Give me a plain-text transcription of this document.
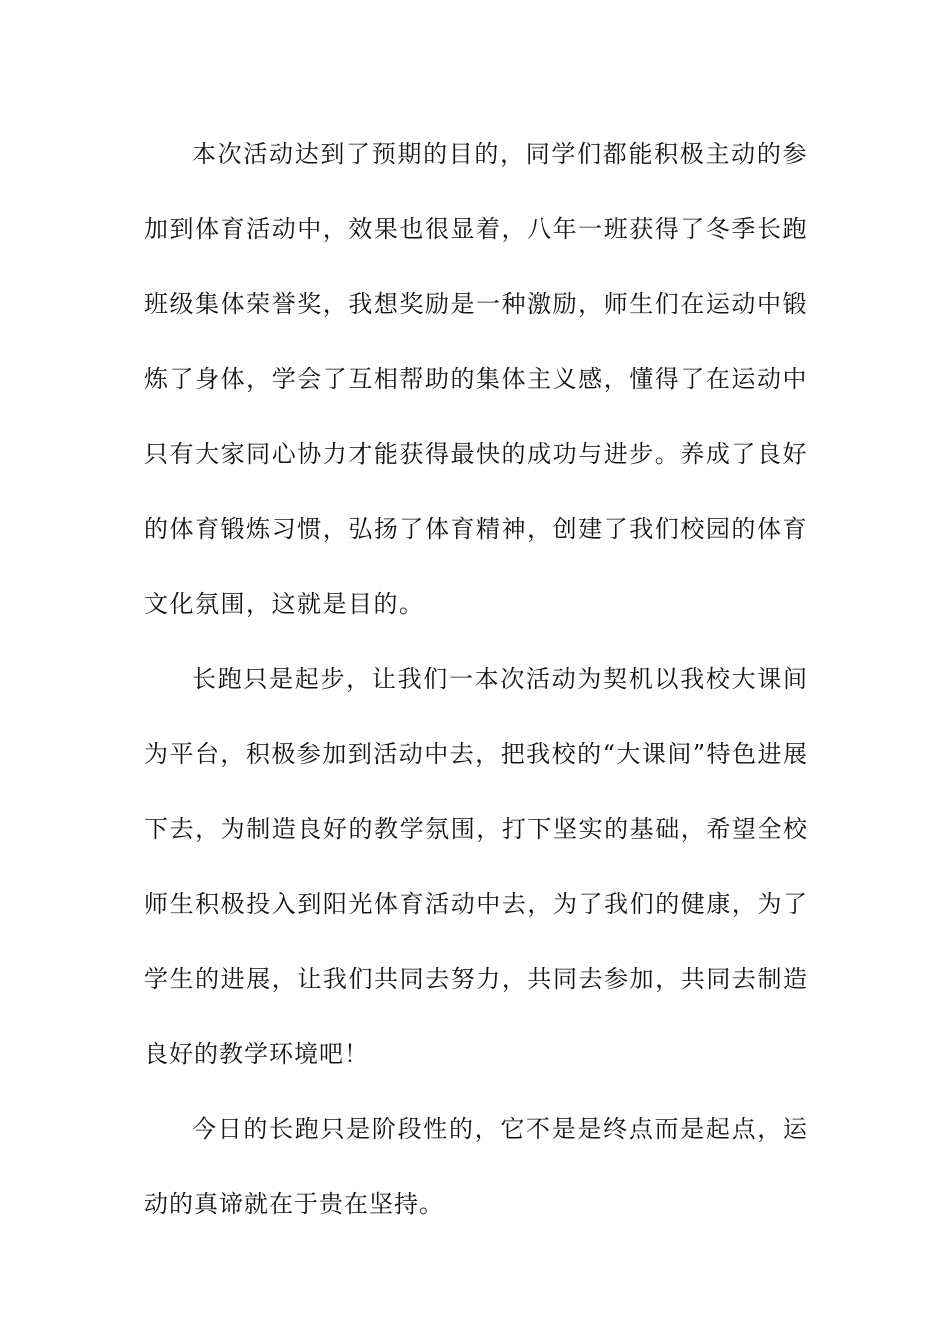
本次活动达到了预期的目的，同学们都能积极主动的参加到体育活动中，效果也很显着，八年一班获得了冬季长跑班级集体荣誉奖，我想奖励是一种激励，师生们在运动中锻炼了身体，学会了互相帮助的集体主义感，懂得了在运动中只有大家同心协力才能获得最快的成功与进步。养成了良好的体育锻炼习惯，弘扬了体育精神，创建了我们校园的体育文化氛围，这就是目的。

长跑只是起步，让我们一本次活动为契机以我校大课间为平台，积极参加到活动中去，把我校的“大课间”特色进展下去，为制造良好的教学氛围，打下坚实的基础，希望全校师生积极投入到阳光体育活动中去，为了我们的健康，为了学生的进展，让我们共同去努力，共同去参加，共同去制造良好的教学环境吧！

今日的长跑只是阶段性的，它不是是终点而是起点，运动的真谛就在于贵在坚持。
